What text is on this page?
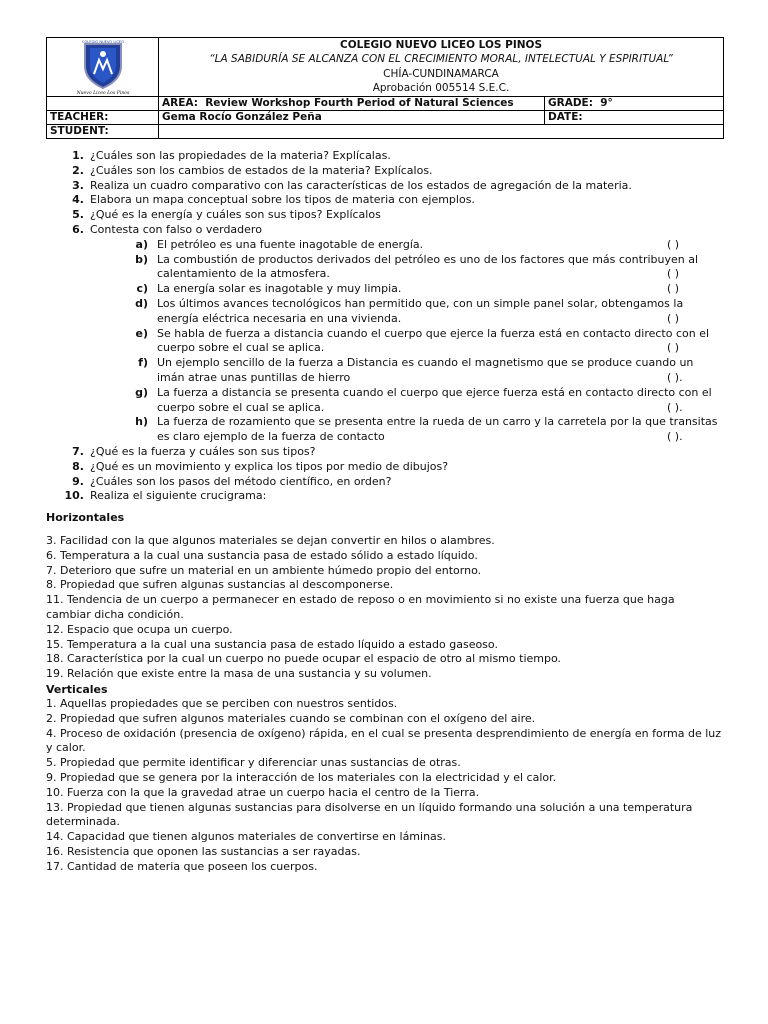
COLEGIO NUEVO LICEO
Nuevo Liceo Los Pinos	COLEGIO NUEVO LICEO LOS PINOS	
	“LA SABIDURÍA SE ALCANZA CON EL CRECIMIENTO MORAL, INTELECTUAL Y ESPIRITUAL”	
	CHÍA-CUNDINAMARCA	
	Aprobación 005514 S.E.C.	
	AREA: Review Workshop Fourth Period of Natural Sciences	GRADE: 9°
TEACHER:	Gema Rocío González Peña	DATE:
STUDENT:		
1. ¿Cuáles son las propiedades de la materia? Explícalas.
2. ¿Cuáles son los cambios de estados de la materia? Explícalos.
3. Realiza un cuadro comparativo con las características de los estados de agregación de la materia.
4. Elabora un mapa conceptual sobre los tipos de materia con ejemplos.
5. ¿Qué es la energía y cuáles son sus tipos? Explícalos
6. Contesta con falso o verdadero
a) El petróleo es una fuente inagotable de energía.	( )
b) La combustión de productos derivados del petróleo es uno de los factores que más contribuyen al
calentamiento de la atmosfera.	( )
c) La energía solar es inagotable y muy limpia.	( )
d) Los últimos avances tecnológicos han permitido que, con un simple panel solar, obtengamos la
energía eléctrica necesaria en una vivienda.	( )
e) Se habla de fuerza a distancia cuando el cuerpo que ejerce la fuerza está en contacto directo con el
cuerpo sobre el cual se aplica.	( )
f) Un ejemplo sencillo de la fuerza a Distancia es cuando el magnetismo que se produce cuando un
imán atrae unas puntillas de hierro	( ).
g) La fuerza a distancia se presenta cuando el cuerpo que ejerce fuerza está en contacto directo con el
cuerpo sobre el cual se aplica.	( ).
h) La fuerza de rozamiento que se presenta entre la rueda de un carro y la carretela por la que transitas
es claro ejemplo de la fuerza de contacto	( ).
7. ¿Qué es la fuerza y cuáles son sus tipos?
8. ¿Qué es un movimiento y explica los tipos por medio de dibujos?
9. ¿Cuáles son los pasos del método científico, en orden?
10. Realiza el siguiente crucigrama:
Horizontales
3. Facilidad con la que algunos materiales se dejan convertir en hilos o alambres.
6. Temperatura a la cual una sustancia pasa de estado sólido a estado líquido.
7. Deterioro que sufre un material en un ambiente húmedo propio del entorno.
8. Propiedad que sufren algunas sustancias al descomponerse.
11. Tendencia de un cuerpo a permanecer en estado de reposo o en movimiento si no existe una fuerza que haga cambiar dicha condición.
12. Espacio que ocupa un cuerpo.
15. Temperatura a la cual una sustancia pasa de estado líquido a estado gaseoso.
18. Característica por la cual un cuerpo no puede ocupar el espacio de otro al mismo tiempo.
19. Relación que existe entre la masa de una sustancia y su volumen.
Verticales
1. Aquellas propiedades que se perciben con nuestros sentidos.
2. Propiedad que sufren algunos materiales cuando se combinan con el oxígeno del aire.
4. Proceso de oxidación (presencia de oxígeno) rápida, en el cual se presenta desprendimiento de energía en forma de luz y calor.
5. Propiedad que permite identificar y diferenciar unas sustancias de otras.
9. Propiedad que se genera por la interacción de los materiales con la electricidad y el calor.
10. Fuerza con la que la gravedad atrae un cuerpo hacia el centro de la Tierra.
13. Propiedad que tienen algunas sustancias para disolverse en un líquido formando una solución a una temperatura determinada.
14. Capacidad que tienen algunos materiales de convertirse en láminas.
16. Resistencia que oponen las sustancias a ser rayadas.
17. Cantidad de materia que poseen los cuerpos.
